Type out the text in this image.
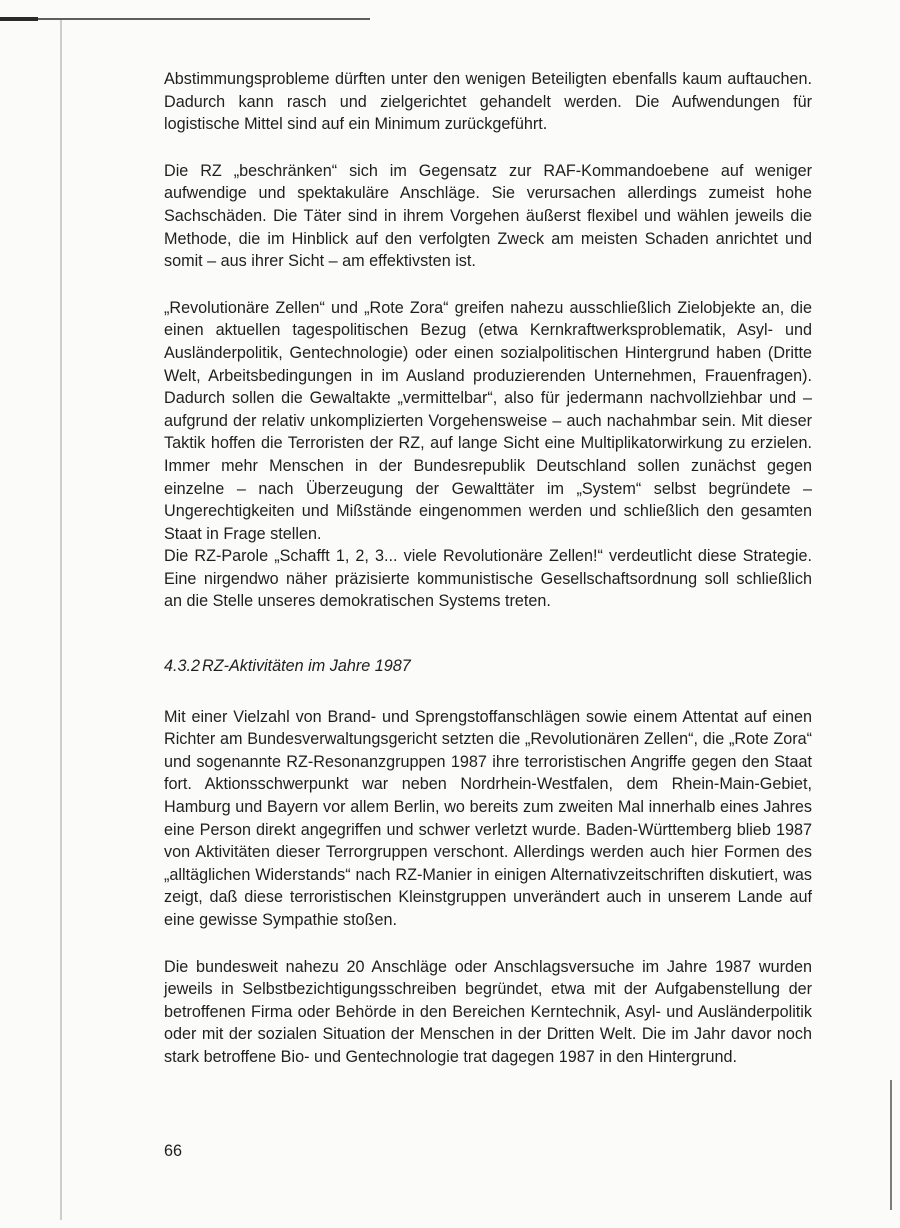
Abstimmungsprobleme dürften unter den wenigen Beteiligten ebenfalls kaum auftauchen. Dadurch kann rasch und zielgerichtet gehandelt werden. Die Aufwendungen für logistische Mittel sind auf ein Minimum zurückgeführt.

Die RZ „beschränken“ sich im Gegensatz zur RAF-Kommandoebene auf weniger aufwendige und spektakuläre Anschläge. Sie verursachen allerdings zumeist hohe Sachschäden. Die Täter sind in ihrem Vorgehen äußerst flexibel und wählen jeweils die Methode, die im Hinblick auf den verfolgten Zweck am meisten Schaden anrichtet und somit – aus ihrer Sicht – am effektivsten ist.

„Revolutionäre Zellen“ und „Rote Zora“ greifen nahezu ausschließlich Zielobjekte an, die einen aktuellen tagespolitischen Bezug (etwa Kernkraftwerksproblematik, Asyl- und Ausländerpolitik, Gentechnologie) oder einen sozialpolitischen Hintergrund haben (Dritte Welt, Arbeitsbedingungen in im Ausland produzierenden Unternehmen, Frauenfragen). Dadurch sollen die Gewaltakte „vermittelbar“, also für jedermann nachvollziehbar und – aufgrund der relativ unkomplizierten Vorgehensweise – auch nachahmbar sein. Mit dieser Taktik hoffen die Terroristen der RZ, auf lange Sicht eine Multiplikatorwirkung zu erzielen. Immer mehr Menschen in der Bundesrepublik Deutschland sollen zunächst gegen einzelne – nach Überzeugung der Gewalttäter im „System“ selbst begründete – Ungerechtigkeiten und Mißstände eingenommen werden und schließlich den gesamten Staat in Frage stellen.

Die RZ-Parole „Schafft 1, 2, 3... viele Revolutionäre Zellen!“ verdeutlicht diese Strategie. Eine nirgendwo näher präzisierte kommunistische Gesellschaftsordnung soll schließlich an die Stelle unseres demokratischen Systems treten.

4.3.2 RZ-Aktivitäten im Jahre 1987

Mit einer Vielzahl von Brand- und Sprengstoffanschlägen sowie einem Attentat auf einen Richter am Bundesverwaltungsgericht setzten die „Revolutionären Zellen“, die „Rote Zora“ und sogenannte RZ-Resonanzgruppen 1987 ihre terroristischen Angriffe gegen den Staat fort. Aktionsschwerpunkt war neben Nordrhein-Westfalen, dem Rhein-Main-Gebiet, Hamburg und Bayern vor allem Berlin, wo bereits zum zweiten Mal innerhalb eines Jahres eine Person direkt angegriffen und schwer verletzt wurde. Baden-Württemberg blieb 1987 von Aktivitäten dieser Terrorgruppen verschont. Allerdings werden auch hier Formen des „alltäglichen Widerstands“ nach RZ-Manier in einigen Alternativzeitschriften diskutiert, was zeigt, daß diese terroristischen Kleinstgruppen unverändert auch in unserem Lande auf eine gewisse Sympathie stoßen.

Die bundesweit nahezu 20 Anschläge oder Anschlagsversuche im Jahre 1987 wurden jeweils in Selbstbezichtigungsschreiben begründet, etwa mit der Aufgabenstellung der betroffenen Firma oder Behörde in den Bereichen Kerntechnik, Asyl- und Ausländerpolitik oder mit der sozialen Situation der Menschen in der Dritten Welt. Die im Jahr davor noch stark betroffene Bio- und Gentechnologie trat dagegen 1987 in den Hintergrund.

66
